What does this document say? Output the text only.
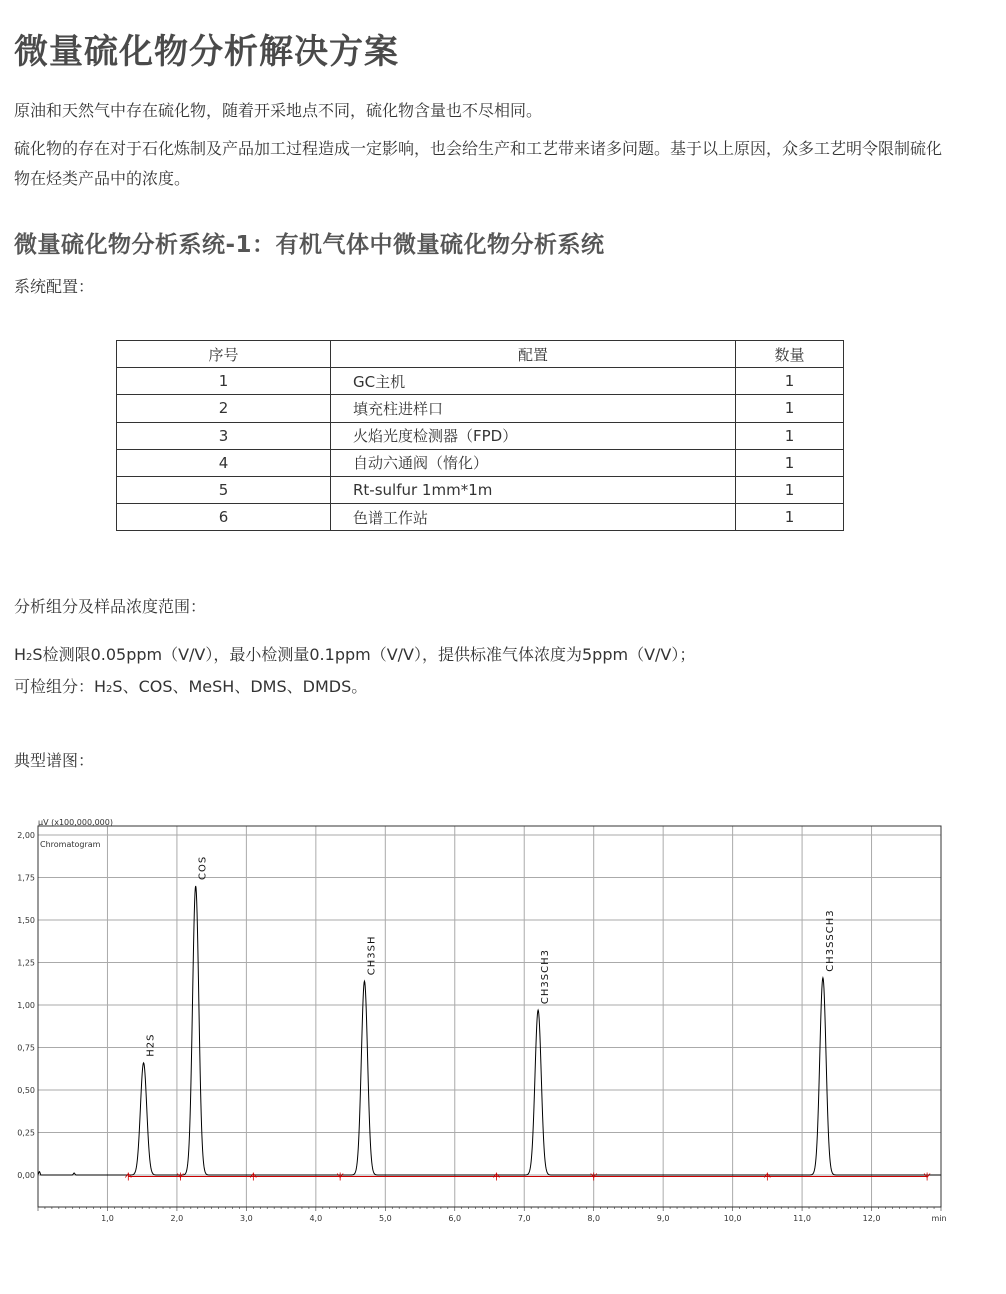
微量硫化物分析解决方案
原油和天然气中存在硫化物，随着开采地点不同，硫化物含量也不尽相同。
硫化物的存在对于石化炼制及产品加工过程造成一定影响，也会给生产和工艺带来诸多问题。基于以上原因，众多工艺明令限制硫化物在烃类产品中的浓度。
微量硫化物分析系统-1：有机气体中微量硫化物分析系统
系统配置：
序号	配置	数量
1	GC主机	1
2	填充柱进样口	1
3	火焰光度检测器（FPD）	1
4	自动六通阀（惰化）	1
5	Rt-sulfur 1mm*1m	1
6	色谱工作站	1
分析组分及样品浓度范围：
H2S检测限0.05ppm（V/V），最小检测量0.1ppm（V/V），提供标准气体浓度为5ppm（V/V）；
可检组分：H2S、COS、MeSH、DMS、DMDS。
典型谱图：
µV (x100,000,000)
Chromatogram
0,00
0,25
0,50
0,75
1,00
1,25
1,50
1,75
2,00
1,0	2,0	3,0	4,0	5,0	6,0	7,0	8,0	9,0	10,0	11,0	12,0	min
H2S
COS
CH3SH	CH3SCH3
CH3SSCH3
